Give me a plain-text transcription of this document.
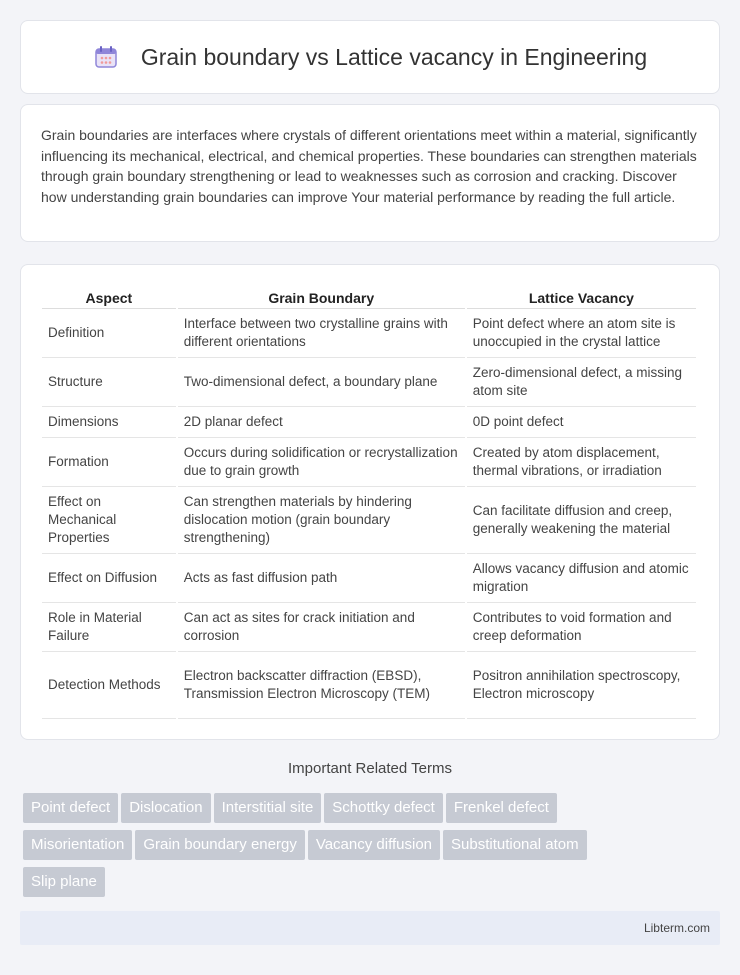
Grain boundary vs Lattice vacancy in Engineering

Grain boundaries are interfaces where crystals of different orientations meet within a material, significantly influencing its mechanical, electrical, and chemical properties. These boundaries can strengthen materials through grain boundary strengthening or lead to weaknesses such as corrosion and cracking. Discover how understanding grain boundaries can improve Your material performance by reading the full article.

Aspect	Grain Boundary	Lattice Vacancy
Definition	Interface between two crystalline grains with different orientations	Point defect where an atom site is unoccupied in the crystal lattice
Structure	Two-dimensional defect, a boundary plane	Zero-dimensional defect, a missing atom site
Dimensions	2D planar defect	0D point defect
Formation	Occurs during solidification or recrystallization due to grain growth	Created by atom displacement, thermal vibrations, or irradiation
Effect on Mechanical Properties	Can strengthen materials by hindering dislocation motion (grain boundary strengthening)	Can facilitate diffusion and creep, generally weakening the material
Effect on Diffusion	Acts as fast diffusion path	Allows vacancy diffusion and atomic migration
Role in Material Failure	Can act as sites for crack initiation and corrosion	Contributes to void formation and creep deformation
Detection Methods	Electron backscatter diffraction (EBSD), Transmission Electron Microscopy (TEM)	Positron annihilation spectroscopy, Electron microscopy
Important Related Terms
Point defect Dislocation Interstitial site Schottky defect Frenkel defect
Misorientation Grain boundary energy Vacancy diffusion Substitutional atom
Slip plane
Libterm.com
